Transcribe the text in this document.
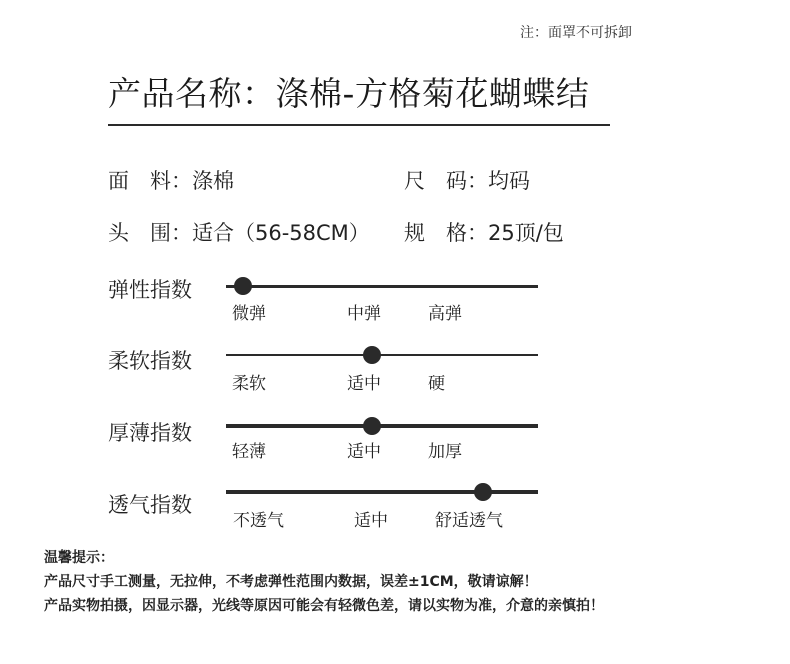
注：面罩不可拆卸
产品名称：涤棉-方格菊花蝴蝶结
面　料：涤棉	尺　码：均码
头　围：适合（56-58CM） 规　格：25顶/包
弹性指数
微弹	中弹	高弹
柔软指数
柔软	适中	硬
厚薄指数
轻薄	适中	加厚
透气指数
不透气	适中	舒适透气
温馨提示：
产品尺寸手工测量，无拉伸，不考虑弹性范围内数据，误差±1CM，敬请谅解！
产品实物拍摄，因显示器，光线等原因可能会有轻微色差，请以实物为准，介意的亲慎拍！
